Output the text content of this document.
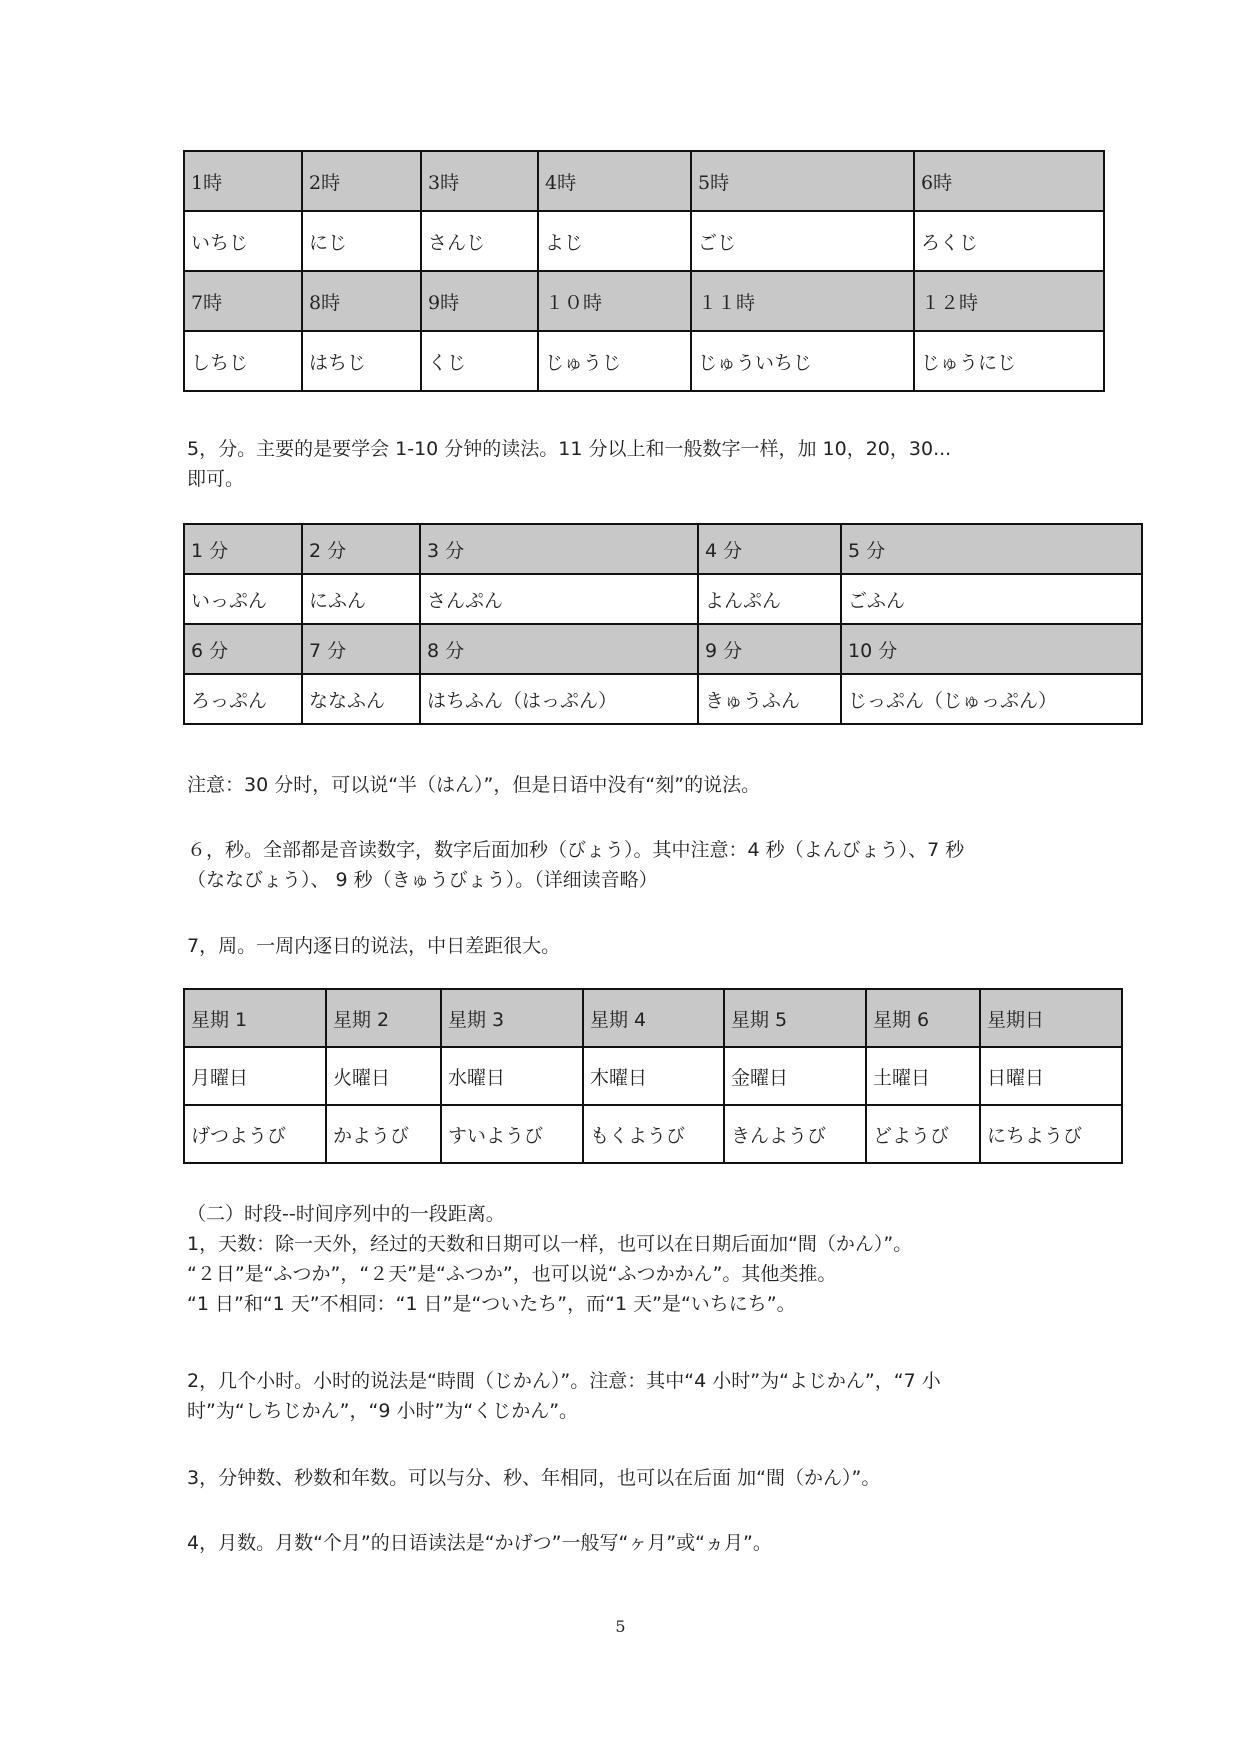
1時	2時	3時	4時	5時	6時
いちじ	にじ	さんじ	よじ	ごじ	ろくじ
7時	8時	9時	１０時	１１時	１２時
しちじ	はちじ	くじ	じゅうじ	じゅういちじ	じゅうにじ
5，分。主要的是要学会 1-10 分钟的读法。11 分以上和一般数字一样，加 10，20，30...
即可。
1 分	2 分	3 分	4 分	5 分
いっぷん	にふん	さんぷん	よんぷん	ごふん
6 分	7 分	8 分	9 分	10 分
ろっぷん	ななふん	はちふん（はっぷん）	きゅうふん	じっぷん（じゅっぷん）
注意：30 分时，可以说“半（はん）”，但是日语中没有“刻”的说法。
６，秒。全部都是音读数字，数字后面加秒（びょう）。其中注意：4 秒（よんびょう）、7 秒
（ななびょう）、 9 秒（きゅうびょう）。（详细读音略）
7，周。一周内逐日的说法，中日差距很大。
星期 1	星期 2	星期 3	星期 4	星期 5	星期 6	星期日
月曜日	火曜日	水曜日	木曜日	金曜日	土曜日	日曜日
げつようび	かようび	すいようび	もくようび	きんようび	どようび	にちようび
（二）时段--时间序列中的一段距离。
1，天数：除一天外，经过的天数和日期可以一样，也可以在日期后面加“間（かん）”。
“２日”是“ふつか”，“２天”是“ふつか”，也可以说“ふつかかん”。其他类推。
“1 日”和“1 天”不相同：“1 日”是“ついたち”，而“1 天”是“いちにち”。
2，几个小时。小时的说法是“時間（じかん）”。注意：其中“4 小时”为“よじかん”，“7 小
时”为“しちじかん”，“9 小时”为“くじかん”。
3，分钟数、秒数和年数。可以与分、秒、年相同，也可以在后面 加“間（かん）”。
4，月数。月数“个月”的日语读法是“かげつ”一般写“ヶ月”或“ヵ月”。
5
